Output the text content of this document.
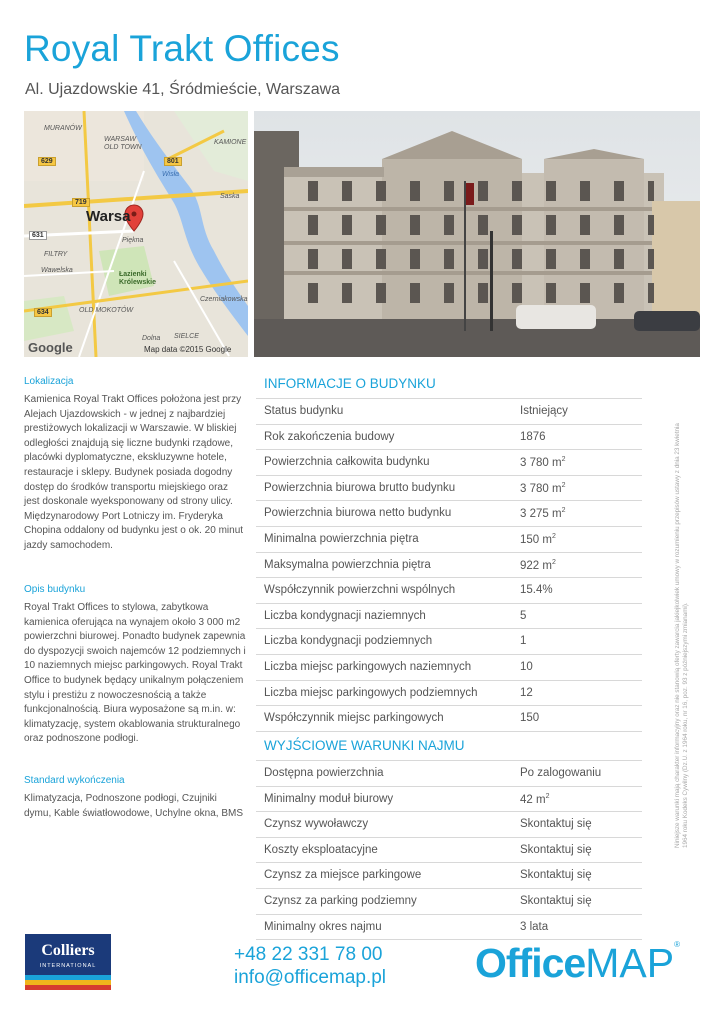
Royal Trakt Offices
Al. Ujazdowskie 41, Śródmieście, Warszawa
MURANÓW
WARSAW OLD TOWN
KAMIONE
Piękna
FILTRY
Wawelska
Łazienki Królewskie
OLD MOKOTÓW
Dolna SIELCE
Saska
Wisła
Czerniakowska
629	801
719
631
634
Warsa
Google	Map data ©2015 Google
Lokalizacja

Kamienica Royal Trakt Offices położona jest przy Alejach Ujazdowskich - w jednej z najbardziej prestiżowych lokalizacji w Warszawie. W bliskiej odległości znajdują się liczne budynki rządowe, placówki dyplomatyczne, ekskluzywne hotele, restauracje i sklepy. Budynek posiada dogodny dostęp do środków transportu miejskiego oraz jest doskonale wyeksponowany od strony ulicy. Międzynarodowy Port Lotniczy im. Fryderyka Chopina oddalony od budynku jest o ok. 20 minut jazdy samochodem.

Opis budynku

Royal Trakt Offices to stylowa, zabytkowa kamienica oferująca na wynajem około 3 000 m2 powierzchni biurowej. Ponadto budynek zapewnia do dyspozycji swoich najemców 12 podziemnych i 10 naziemnych miejsc parkingowych. Royal Trakt Office to budynek będący unikalnym połączeniem stylu i prestiżu z nowoczesnością a także funkcjonalnością. Biura wyposażone są m.in. w: klimatyzację, system okablowania strukturalnego oraz podnoszone podłogi.

Standard wykończenia

Klimatyzacja, Podnoszone podłogi, Czujniki dymu, Kable światłowodowe, Uchylne okna, BMS

INFORMACJE O BUDYNKU
Status budynku	Istniejący
Rok zakończenia budowy	1876
Powierzchnia całkowita budynku	3 780 $m^2$
Powierzchnia biurowa brutto budynku	3 780 $m^2$
Powierzchnia biurowa netto budynku	3 275 $m^2$
Minimalna powierzchnia piętra	150 $m^2$
Maksymalna powierzchnia piętra	922 $m^2$
Współczynnik powierzchni wspólnych	15.4%
Liczba kondygnacji naziemnych	5
Liczba kondygnacji podziemnych	1
Liczba miejsc parkingowych naziemnych	10
Liczba miejsc parkingowych podziemnych	12
Współczynnik miejsc parkingowych	150
WYJŚCIOWE WARUNKI NAJMU
Dostępna powierzchnia	Po zalogowaniu
Minimalny moduł biurowy	42 $m^2$
Czynsz wywoławczy	Skontaktuj się
Koszty eksploatacyjne	Skontaktuj się
Czynsz za miejsce parkingowe	Skontaktuj się
Czynsz za parking podziemny	Skontaktuj się
Minimalny okres najmu	3 lata
Niniejsze warunki mają charakter informacyjny oraz nie stanowią oferty zawarcia jakiejkolwiek umowy w rozumieniu przepisów ustawy z dnia 23 kwietnia 1964 roku Kodeks Cywilny (Dz.U. z 1964 roku, nr 16, poz. 93 z późniejszymi zmianami).
Colliers
INTERNATIONAL
+48 22 331 78 00
info@officemap.pl OfficeMAP®
